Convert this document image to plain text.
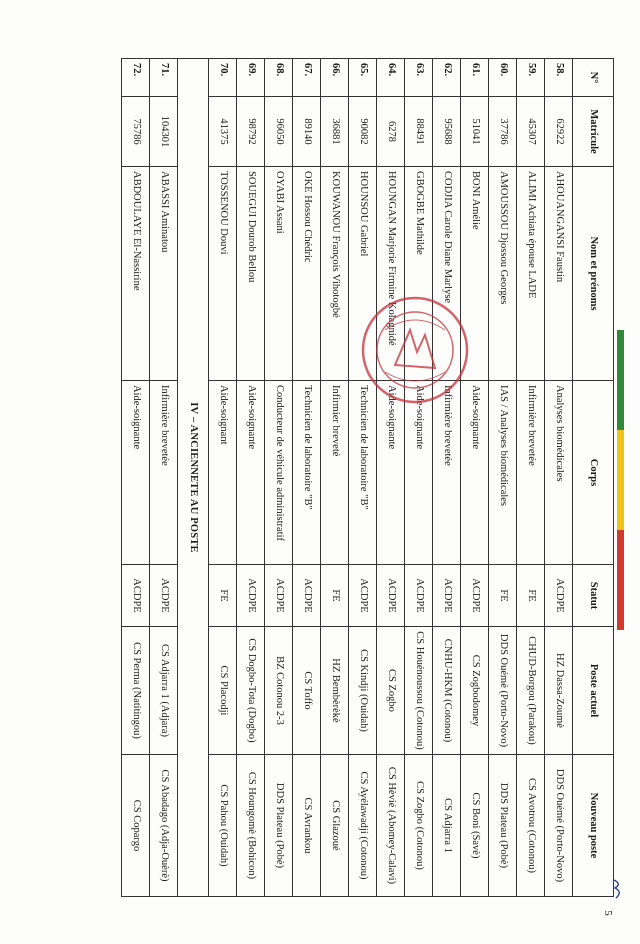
N°	Matricule	Nom et prénoms	Corps	Statut	Poste actuel	Nouveau poste
58.	62922	AHOUANGANSI Faustin	Analyses biomédicales	ACDPE	HZ Dassa-Zoumè	DDS Ouémé (Porto-Novo)
59.	45307	ALIMI Achiata épouse LADE	Infirmière brevetée	FE	CHUD-Borgou (Parakou)	CS Avotrou (Cotonou)
60.	37786	AMOUSSOU Djossou Georges	IAS / Analyses biomédicales	FE	DDS Ouémé (Porto-Novo)	DDS Plateau (Pobè)
61.	51041	BONI Amélie	Aide-soignante	ACDPE	CS Zogbodomey	CS Boni (Savè)
62.	95688	CODJIA Carole Diane Marlyse	Infirmière brevetée	ACDPE	CNHU-HKM (Cotonou)	CS Adjarra 1
63.	88491	GBOGBE Mathilde	Aide-soignante	ACDPE	CS Houénoussou (Cotonou)	CS Zogbo (Cotonou)
64.	6278	HOUNGAN Marjorie Firmine Kolagnidé	Aide-soignante	ACDPE	CS Zogbo	CS Hèvié (Abomey-Calavi)
65.	90082	HOUNSOU Gabriel	Technicien de laboratoire "B"	ACDPE	CS Kindji (Ouidah)	CS Ayélawadji (Cotonou)
66.	36881	KOUWANOU François Vihotogbé	Infirmier breveté	FE	HZ Bembèrèkè	CS Glazoué
67.	89140	OKE Hossou Chédric	Technicien de laboratoire "B"	ACDPE	CS Toffo	CS Avrankou
68.	96050	OYABI Assani	Conducteur de véhicule administratif	ACDPE	BZ Cotonou 2-3	DDS Plateau (Pobè)
69.	98792	SOUEGUI Dourob Bellou	Aide-soignante	ACDPE	CS Dogbo-Tota (Dogbo)	CS Houngomè (Bohicon)
70.	41375	TOSSENOU Douvi	Aide-soignant	FE	CS Placodji	CS Pahou (Ouidah)
IV – ANCIENNETE AU POSTE						
71.	104301	ABASSI Aminatou	Infirmière brevetée	ACDPE	CS Adjarra 1 (Adjara)	CS Abadago (Adja-Ouèrè)
72.	75786	ABDOULAYE El-Nassirine	Aide-soignante	ACDPE	CS Perma (Natitingou)	CS Copargo
5
